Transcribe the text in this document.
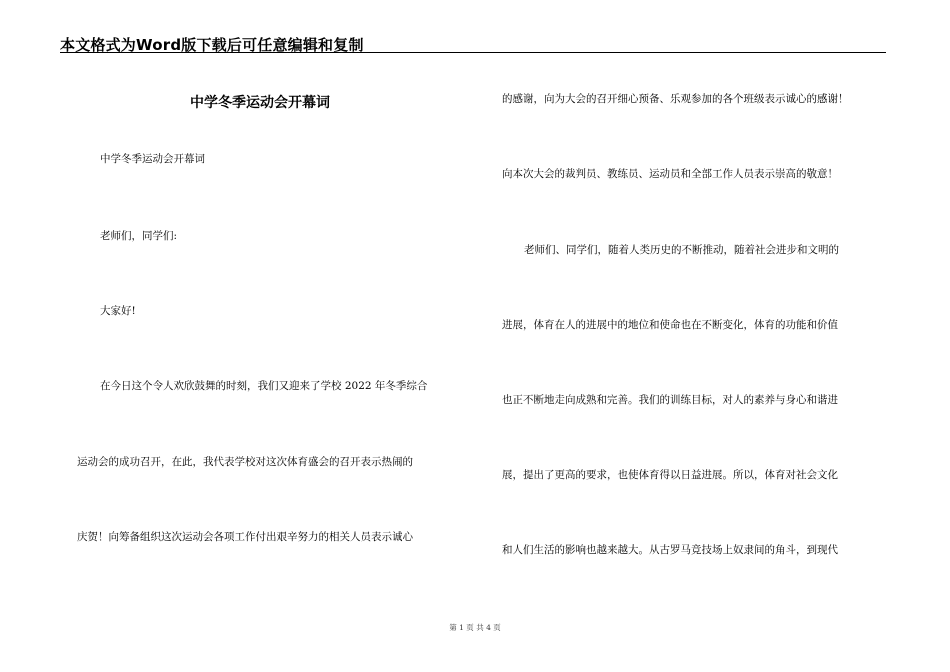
本文格式为Word版下载后可任意编辑和复制
中学冬季运动会开幕词
中学冬季运动会开幕词
老师们，同学们:
大家好!
在今日这个令人欢欣鼓舞的时刻，我们又迎来了学校 2022 年冬季综合
运动会的成功召开，在此，我代表学校对这次体育盛会的召开表示热闹的
庆贺！向筹备组织这次运动会各项工作付出艰辛努力的相关人员表示诚心
的感谢，向为大会的召开细心预备、乐观参加的各个班级表示诚心的感谢！
向本次大会的裁判员、教练员、运动员和全部工作人员表示崇高的敬意！
老师们、同学们，随着人类历史的不断推动，随着社会进步和文明的
进展，体育在人的进展中的地位和使命也在不断变化，体育的功能和价值
也正不断地走向成熟和完善。我们的训练目标，对人的素养与身心和谐进
展，提出了更高的要求，也使体育得以日益进展。所以，体育对社会文化
和人们生活的影响也越来越大。从古罗马竞技场上奴隶间的角斗，到现代
第 1 页 共 4 页
